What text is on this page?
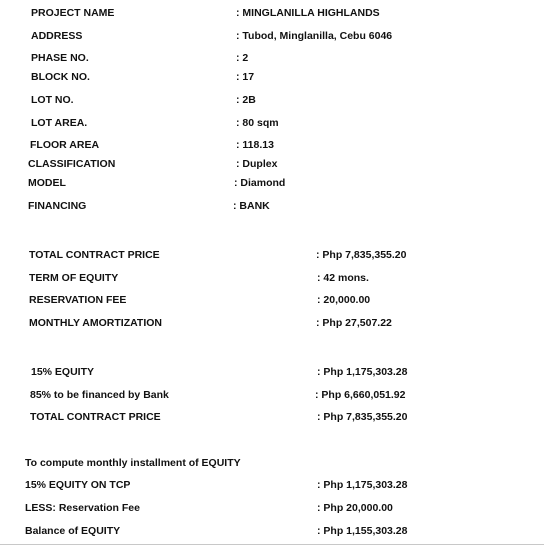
PROJECT NAME	: MINGLANILLA HIGHLANDS
ADDRESS	: Tubod, Minglanilla, Cebu 6046
PHASE NO.	: 2
BLOCK NO.	: 17
LOT NO.	: 2B
LOT AREA.	: 80 sqm
FLOOR AREA	: 118.13
CLASSIFICATION	: Duplex
MODEL	: Diamond
FINANCING	: BANK
TOTAL CONTRACT PRICE	: Php 7,835,355.20
TERM OF EQUITY	: 42 mons.
RESERVATION FEE	: 20,000.00
MONTHLY AMORTIZATION	: Php 27,507.22
15% EQUITY	: Php 1,175,303.28
85% to be financed by Bank	: Php 6,660,051.92
TOTAL CONTRACT PRICE	: Php 7,835,355.20
To compute monthly installment of EQUITY
15% EQUITY ON TCP	: Php 1,175,303.28
LESS: Reservation Fee	: Php 20,000.00
Balance of EQUITY	: Php 1,155,303.28
